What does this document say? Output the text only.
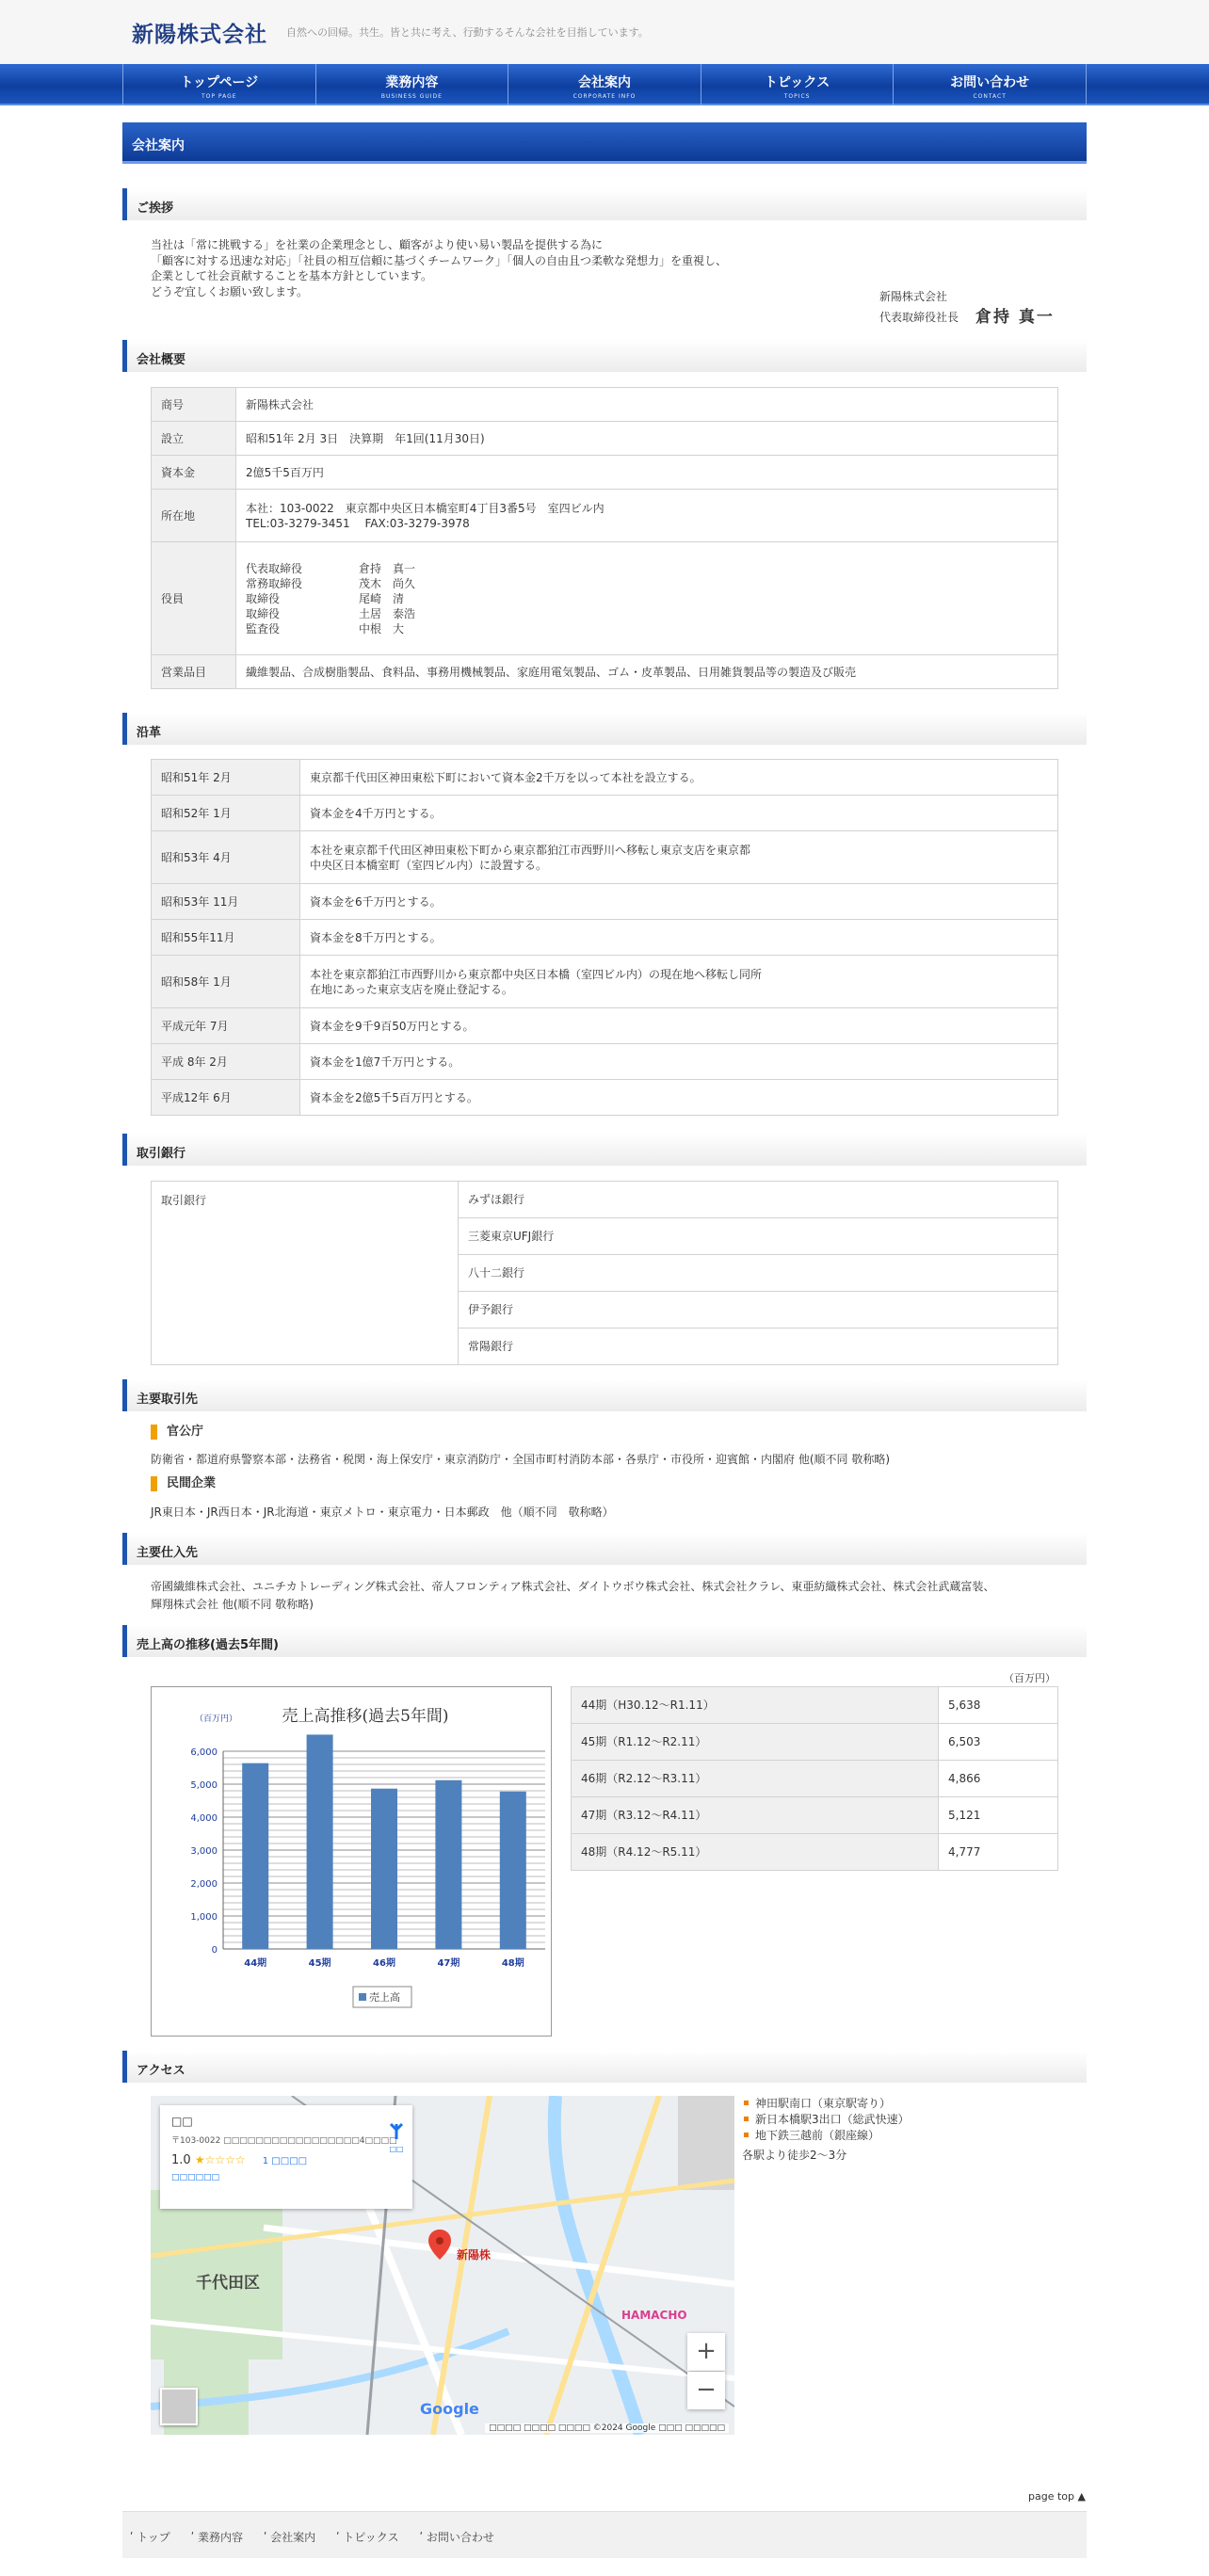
新陽株式会社 自然への回帰。共生。皆と共に考え、行動するそんな会社を目指しています。
トップページ
TOP PAGE
業務内容
BUSINESS GUIDE
会社案内
CORPORATE INFO
トピックス
TOPICS
お問い合わせ
CONTACT
会社案内
ご挨拶
当社は「常に挑戦する」を社業の企業理念とし、顧客がより使い易い製品を提供する為に
「顧客に対する迅速な対応」「社員の相互信頼に基づくチームワーク」「個人の自由且つ柔軟な発想力」を重視し、
企業として社会貢献することを基本方針としています。
どうぞ宜しくお願い致します。	新陽株式会社
代表取締役社長 倉持 真一
会社概要
商号	新陽株式会社

設立	昭和51年 2月 3日　決算期　年1回(11月30日)

資本金	2億5千5百万円

所在地	本社：103-0022　東京都中央区日本橋室町4丁目3番5号　室四ビル内
TEL:03-3279-3451　 FAX:03-3279-3978

役員	代表取締役 倉持　真一
常務取締役 茂木　尚久
取締役 尾崎　清
取締役 土居　泰浩
監査役 中根　大

営業品目	繊維製品、合成樹脂製品、食料品、事務用機械製品、家庭用電気製品、ゴム・皮革製品、日用雑貨製品等の製造及び販売
沿革
昭和51年 2月	東京都千代田区神田東松下町において資本金2千万を以って本社を設立する。

昭和52年 1月	資本金を4千万円とする。

昭和53年 4月	本社を東京都千代田区神田東松下町から東京都狛江市西野川へ移転し東京支店を東京都
中央区日本橋室町（室四ビル内）に設置する。

昭和53年 11月	資本金を6千万円とする。

昭和55年11月	資本金を8千万円とする。

昭和58年 1月	本社を東京都狛江市西野川から東京都中央区日本橋（室四ビル内）の現在地へ移転し同所
在地にあった東京支店を廃止登記する。

平成元年 7月	資本金を9千9百50万円とする。

平成 8年 2月	資本金を1億7千万円とする。

平成12年 6月	資本金を2億5千5百万円とする。
取引銀行
取引銀行	みずほ銀行
三菱東京UFJ銀行
八十二銀行
伊予銀行
常陽銀行
主要取引先
官公庁
防衛省・都道府県警察本部・法務省・税関・海上保安庁・東京消防庁・全国市町村消防本部・各県庁・市役所・迎賓館・内閣府 他(順不同 敬称略)
民間企業
JR東日本・JR西日本・JR北海道・東京メトロ・東京電力・日本郵政　他（順不同　敬称略）
主要仕入先
帝國繊維株式会社、ユニチカトレーディング株式会社、帝人フロンティア株式会社、ダイトウボウ株式会社、株式会社クラレ、東亜紡織株式会社、株式会社武蔵富装、
輝翔株式会社 他(順不同 敬称略)
売上高の推移(過去5年間)
（百万円）
売上高推移(過去5年間)
（百万円）
0
1,000
2,000
3,000
4,000
5,000
6,000
44期	45期	46期	47期	48期
売上高
44期（H30.12〜R1.11）	5,638
45期（R1.12〜R2.11）	6,503
46期（R2.12〜R3.11）	4,866
47期（R3.12〜R4.11）	5,121
48期（R4.12〜R5.11）	4,777
アクセス
新陽株
千代田区
HAMACHO
□□
〒103-0022 □□□□□□□□□□□□□□□□□4□□□□
1.0 ★☆☆☆☆ 1 □□□□
□□□□□□
□□
+
−
Google
□□□□ □□□□ □□□□ ©2024 Google □□□ □□□□□
神田駅南口（東京駅寄り）
新日本橋駅3出口（総武快速）
地下鉄三越前（銀座線）
各駅より徒歩2〜3分
page top ▲
ʹ トップ ʹ 業務内容 ʹ 会社案内 ʹ トピックス ʹ お問い合わせ
